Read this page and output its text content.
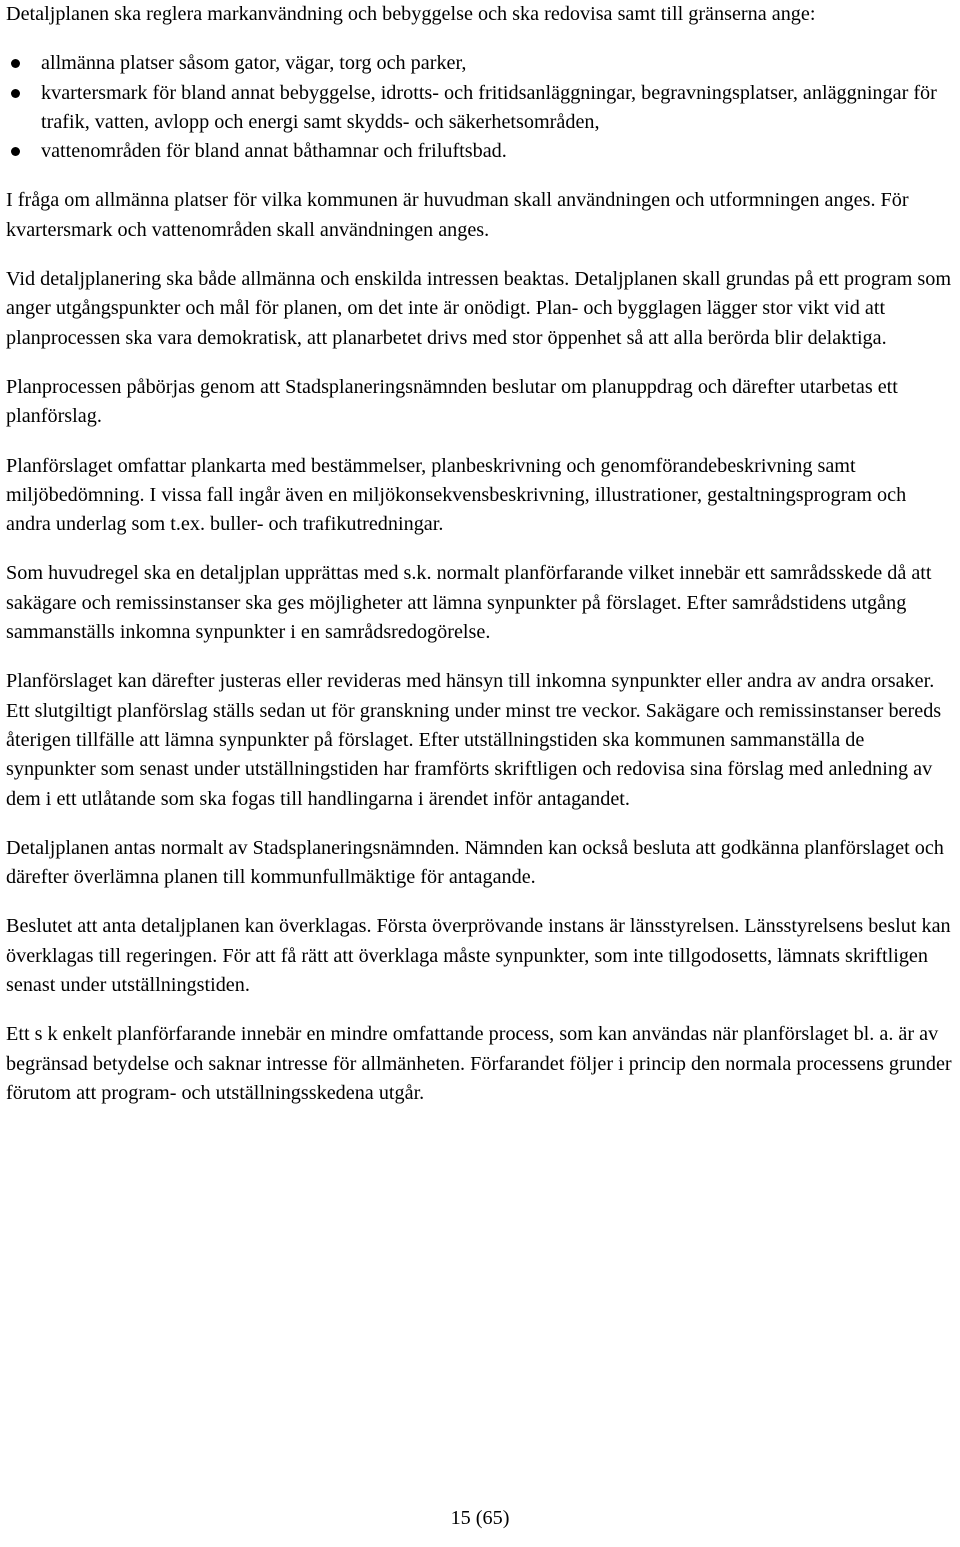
Detaljplanen ska reglera markanvändning och bebyggelse och ska redovisa samt till gränserna ange:

allmänna platser såsom gator, vägar, torg och parker,
kvartersmark för bland annat bebyggelse, idrotts- och fritidsanläggningar, begravningsplatser, anläggningar för trafik, vatten, avlopp och energi samt skydds- och säkerhetsområden,
vattenområden för bland annat båthamnar och friluftsbad.

I fråga om allmänna platser för vilka kommunen är huvudman skall användningen och utformningen anges. För kvartersmark och vattenområden skall användningen anges.

Vid detaljplanering ska både allmänna och enskilda intressen beaktas. Detaljplanen skall grundas på ett program som anger utgångspunkter och mål för planen, om det inte är onödigt. Plan- och bygglagen lägger stor vikt vid att planprocessen ska vara demokratisk, att planarbetet drivs med stor öppenhet så att alla berörda blir delaktiga.

Planprocessen påbörjas genom att Stadsplaneringsnämnden beslutar om planuppdrag och därefter utarbetas ett planförslag.

Planförslaget omfattar plankarta med bestämmelser, planbeskrivning och genomförandebeskrivning samt miljöbedömning. I vissa fall ingår även en miljökonsekvensbeskrivning, illustrationer, gestaltningsprogram och andra underlag som t.ex. buller- och trafikutredningar.

Som huvudregel ska en detaljplan upprättas med s.k. normalt planförfarande vilket innebär ett samrådsskede då att sakägare och remissinstanser ska ges möjligheter att lämna synpunkter på förslaget. Efter samrådstidens utgång sammanställs inkomna synpunkter i en samrådsredogörelse.

Planförslaget kan därefter justeras eller revideras med hänsyn till inkomna synpunkter eller andra av andra orsaker. Ett slutgiltigt planförslag ställs sedan ut för granskning under minst tre veckor. Sakägare och remissinstanser bereds återigen tillfälle att lämna synpunkter på förslaget. Efter utställningstiden ska kommunen sammanställa de synpunkter som senast under utställningstiden har framförts skriftligen och redovisa sina förslag med anledning av dem i ett utlåtande som ska fogas till handlingarna i ärendet inför antagandet.

Detaljplanen antas normalt av Stadsplaneringsnämnden. Nämnden kan också besluta att godkänna planförslaget och därefter överlämna planen till kommunfullmäktige för antagande.

Beslutet att anta detaljplanen kan överklagas. Första överprövande instans är länsstyrelsen. Länsstyrelsens beslut kan överklagas till regeringen. För att få rätt att överklaga måste synpunkter, som inte tillgodosetts, lämnats skriftligen senast under utställningstiden.

Ett s k enkelt planförfarande innebär en mindre omfattande process, som kan användas när planförslaget bl. a. är av begränsad betydelse och saknar intresse för allmänheten. Förfarandet följer i princip den normala processens grunder förutom att program- och utställningsskedena utgår.

15 (65)
